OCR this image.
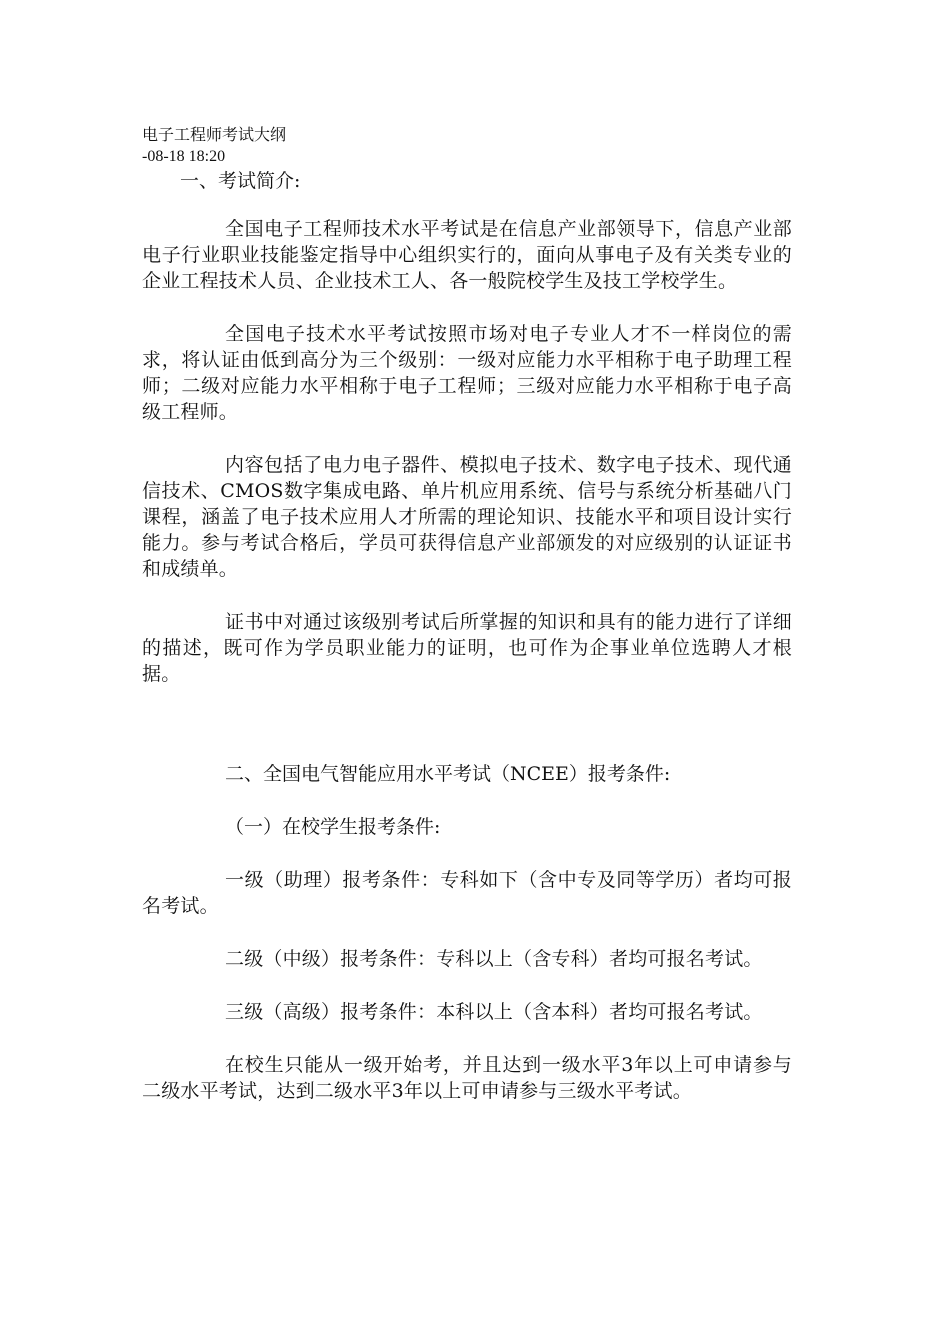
电子工程师考试大纲

-08-18 18:20

一、考试简介:

全国电子工程师技术水平考试是在信息产业部领导下，信息产业部电子行业职业技能鉴定指导中心组织实行的，面向从事电子及有关类专业的企业工程技术人员、企业技术工人、各一般院校学生及技工学校学生。

全国电子技术水平考试按照市场对电子专业人才不一样岗位的需求，将认证由低到高分为三个级别：一级对应能力水平相称于电子助理工程师；二级对应能力水平相称于电子工程师；三级对应能力水平相称于电子高级工程师。

内容包括了电力电子器件、模拟电子技术、数字电子技术、现代通信技术、CMOS数字集成电路、单片机应用系统、信号与系统分析基础八门课程，涵盖了电子技术应用人才所需的理论知识、技能水平和项目设计实行能力。参与考试合格后，学员可获得信息产业部颁发的对应级别的认证证书和成绩单。

证书中对通过该级别考试后所掌握的知识和具有的能力进行了详细的描述，既可作为学员职业能力的证明，也可作为企事业单位选聘人才根据。

二、全国电气智能应用水平考试（NCEE）报考条件:

（一）在校学生报考条件:

一级（助理）报考条件：专科如下（含中专及同等学历）者均可报名考试。

二级（中级）报考条件：专科以上（含专科）者均可报名考试。

三级（高级）报考条件：本科以上（含本科）者均可报名考试。

在校生只能从一级开始考，并且达到一级水平3年以上可申请参与二级水平考试，达到二级水平3年以上可申请参与三级水平考试。
